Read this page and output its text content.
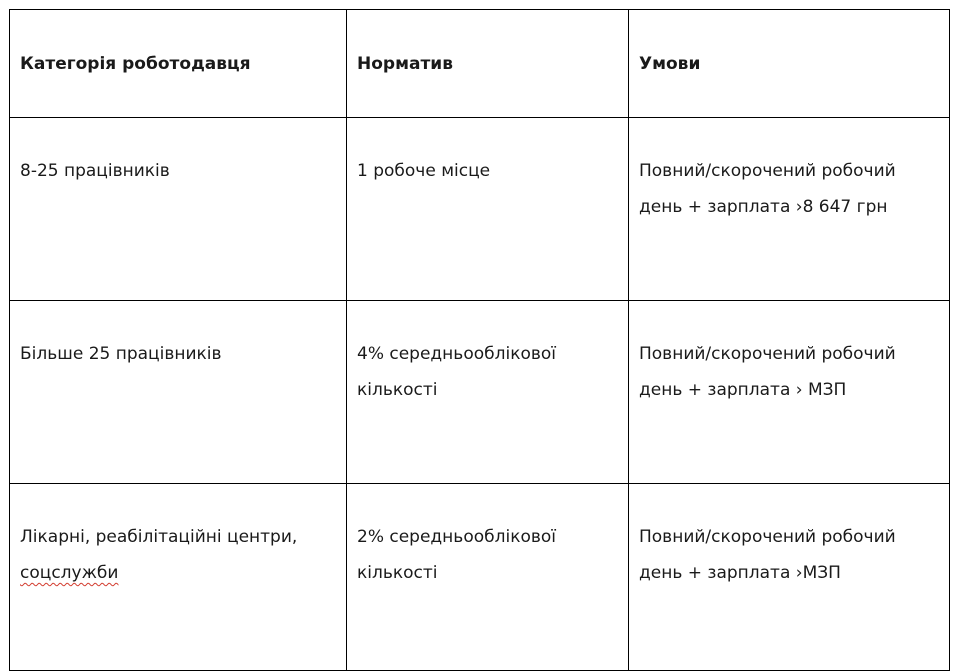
Категорія роботодавця	Норматив	Умови
8-25 працівників	1 робоче місце	Повний/скорочений робочий день + зарплата ›8 647 грн
Більше 25 працівників	4% середньооблікової кількості	Повний/скорочений робочий день + зарплата › МЗП
Лікарні, реабілітаційні центри, соцслужби	2% середньооблікової кількості	Повний/скорочений робочий день + зарплата ›МЗП
